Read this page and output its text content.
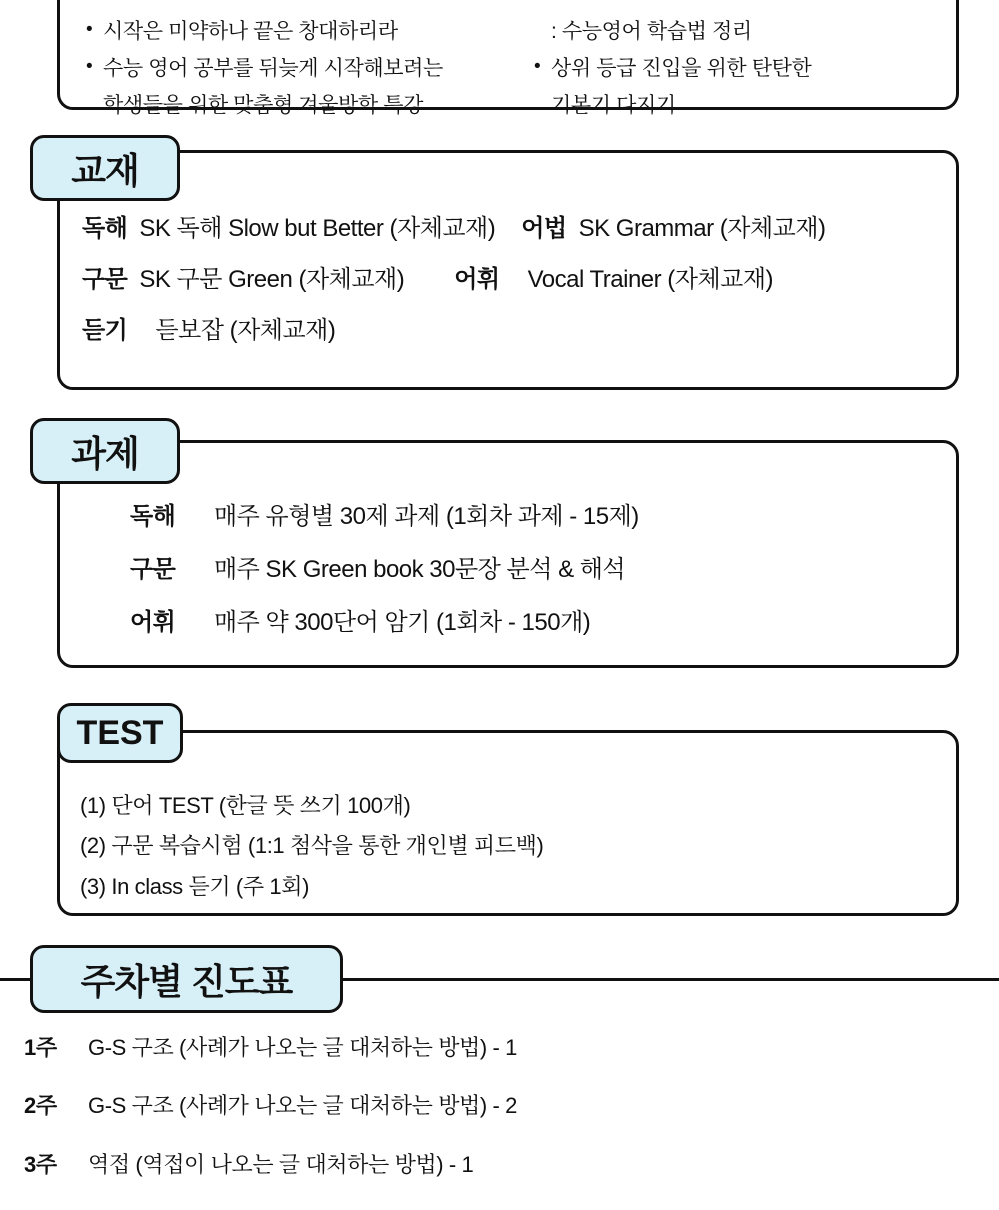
• 시작은 미약하나 끝은 창대하리라
• 수능 영어 공부를 뒤늦게 시작해보려는
학생들을 위한 맞춤형 겨울방학 특강
: 수능영어 학습법 정리
• 상위 등급 진입을 위한 탄탄한
기본기 다지기
독해 SK 독해 Slow but Better (자체교재) 어법 SK Grammar (자체교재)
구문 SK 구문 Green (자체교재) 어휘 Vocal Trainer (자체교재)
듣기 듣보잡 (자체교재)
교재
독해	매주 유형별 30제 과제 (1회차 과제 - 15제)
구문	매주 SK Green book 30문장 분석 & 해석
어휘	매주 약 300단어 암기 (1회차 - 150개)
과제
(1) 단어 TEST (한글 뜻 쓰기 100개)
(2) 구문 복습시험 (1:1 첨삭을 통한 개인별 피드백)
(3) In class 듣기 (주 1회)
TEST
주차별 진도표
1주	G-S 구조 (사례가 나오는 글 대처하는 방법) - 1
2주	G-S 구조 (사례가 나오는 글 대처하는 방법) - 2
3주	역접 (역접이 나오는 글 대처하는 방법) - 1
